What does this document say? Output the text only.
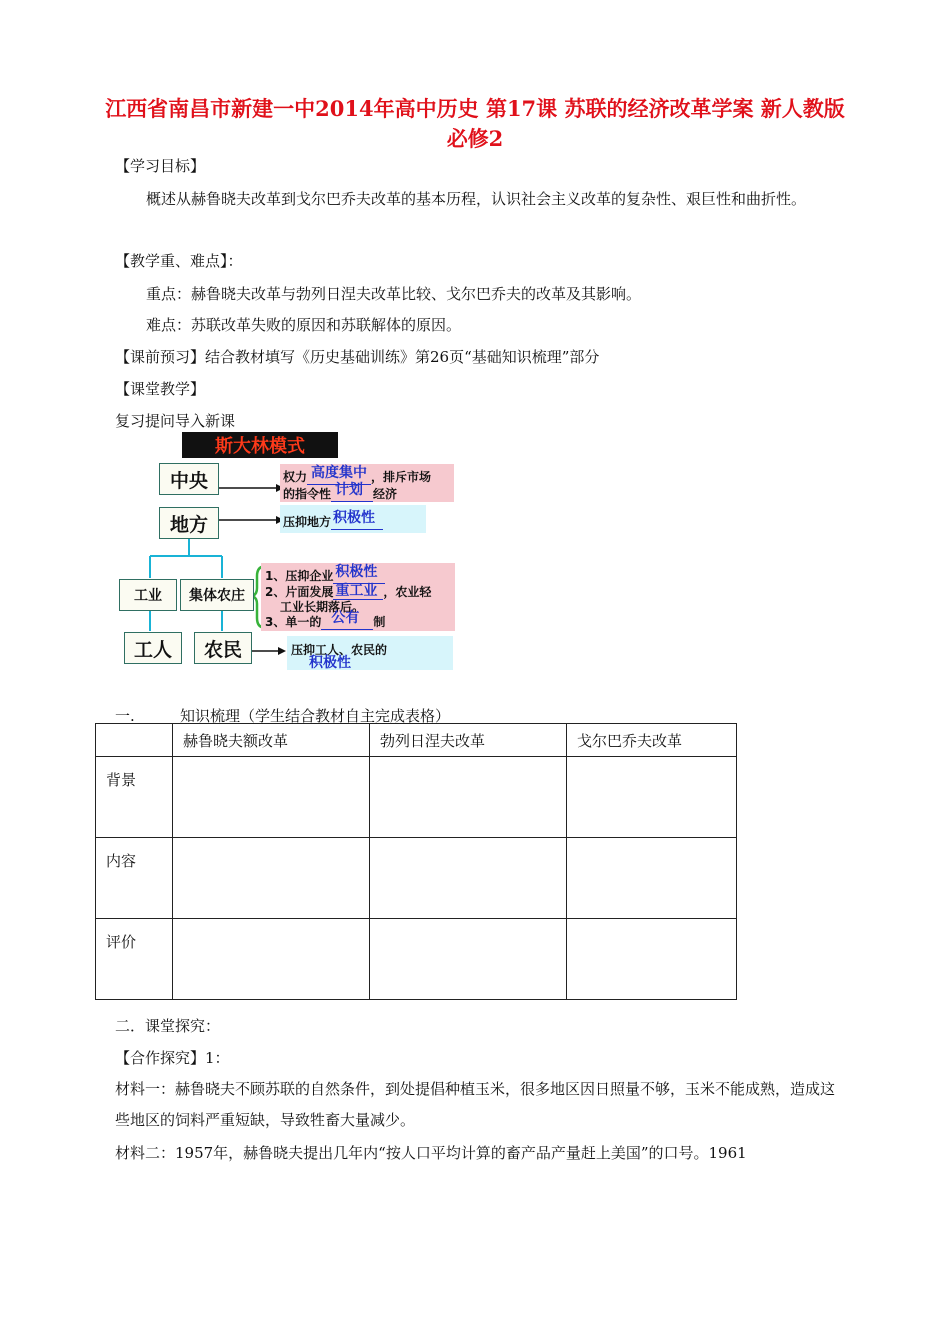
江西省南昌市新建一中2014年高中历史 第17课 苏联的经济改革学案 新人教版必修2
【学习目标】
概述从赫鲁晓夫改革到戈尔巴乔夫改革的基本历程，认识社会主义改革的复杂性、艰巨性和曲折性。
【教学重、难点】：
重点：赫鲁晓夫改革与勃列日涅夫改革比较、戈尔巴乔夫的改革及其影响。
难点：苏联改革失败的原因和苏联解体的原因。
【课前预习】结合教材填写《历史基础训练》第26页“基础知识梳理”部分
【课堂教学】
复习提问导入新课
斯大林模式
中央
地方
工业	集体农庄
工人	农民
权力 高度集中 ，排斥市场
的指令性 计划 经济
压抑地方 积极性

1、压抑企业 积极性

2、片面发展 重工业 ，农业轻
工业长期落后。
3、单一的 公有 制
压抑工人、农民的
积极性
一.	知识梳理（学生结合教材自主完成表格）
	赫鲁晓夫额改革	勃列日涅夫改革	戈尔巴乔夫改革

背景			

内容			

评价			

二．课堂探究：
【合作探究】1：
材料一：赫鲁晓夫不顾苏联的自然条件，到处提倡种植玉米，很多地区因日照量不够，玉米不能成熟，造成这些地区的饲料严重短缺，导致牲畜大量减少。
材料二：1957年，赫鲁晓夫提出几年内“按人口平均计算的畜产品产量赶上美国”的口号。1961
